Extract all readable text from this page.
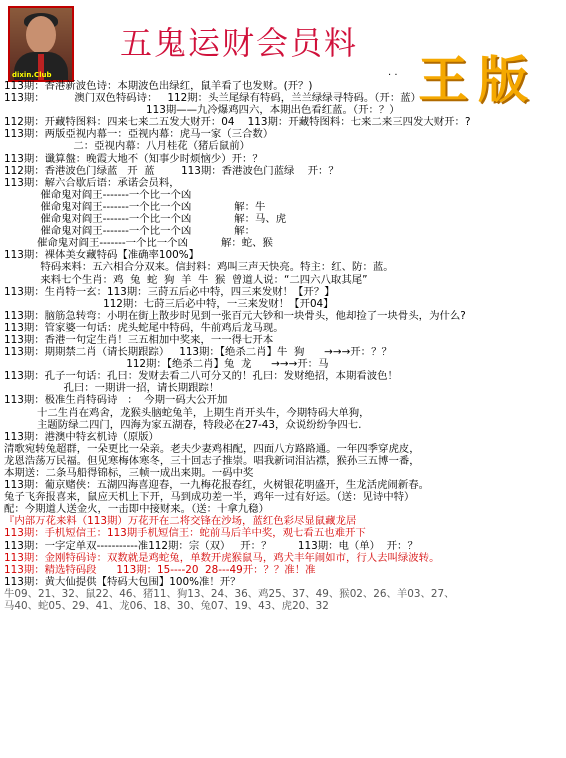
dixin.Club
五鬼运财会员料
王版
· ·
113期：香港新波色诗：本期波色出绿红，鼠羊看了也发财。(开？)
113期：         澳门双色特码诗：   112期：头兰尾绿有特码，兰兰绿绿寻特码。（开：蓝）
113期——九冷爆鸡四六，本期出色看红蓝。（开：？）
112期：开藏特图料：四来七来二五发大财开：04    113期：开藏特图料：七来二来三四发大财开：?
113期：两版亞视内幕一：亞视内幕：虎马一家（三合数）
二：亞视内幕：八月桂花（猪后鼠前）
113期：谶算盤：晚霞大地不（知事少时烦恼少）开：？
112期：香港波色门绿蓝   开  蓝        113期：香港波色门蓝绿    开：？
113期：解六合歇后语：承诺会员料，
催命鬼对阎王-------一个比一个凶
催命鬼对阎王-------一个比一个凶             解：牛
催命鬼对阎王-------一个比一个凶             解：马、虎
催命鬼对阎王-------一个比一个凶             解：
催命鬼对阎王-------一个比一个凶          解：蛇、猴
113期：裸体美女藏特码【准确率100%】
特码来料：五六相合分双来。信封料：鸡叫三声天快亮。特主：红、防：蓝。
来料七个生肖：鸡  兔  蛇  狗  羊  牛  猴  曾道人说：“二四六八取其尾”
113期：生肖特一玄：113期：三莳五后必中特，四三来发财！【开？】
112期：七莳三后必中特，一三来发财！【开04】
113期：脑筋急转弯：小明在街上散步时见到一张百元大钞和一块骨头，他却捡了一块骨头，为什么?
113期：管家婆一句话：虎头蛇尾中特码，牛前鸡后龙马现。
113期：香港一句定生肖！三五相加中奖来，一一得七开本
113期：期期禁二肖（请长期跟踪）   113期：【绝杀二肖】牛  狗      →→→开：？？
112期：【绝杀二肖】兔  龙      →→→开：马
113期：孔子一句话：孔曰：发财去看二八可分又的！孔曰：发财绝招，本期看波色！
孔曰：一期讲一招，请长期跟踪！
113期：极准生肖特码诗   ：  今期一码大公开加
十二生肖在鸡舍，龙猴头脑蛇兔羊，上期生肖开头牛，今期特码大单狗，
主题防绿二四门，四海为家五湖春，特段必在27-43，众说纷纷争四七.
113期：港澳中特玄机诗（原版）
清歌宛转兔超群，一朵更比一朵亲。老夫少妻鸡相配，四面八方路路通。一年四季穿虎皮，
龙恩浩荡万民福。但见寒梅体寒冬，三十回志子推崇。唱我新词泪沾襟，猴孙三五博一番，
本期送：二条马船得锦标，三帧一成出来期。一码中奖
113期：葡京赌侠：五湖四海喜迎春，一九梅花报春红，火树银花明盛开，生龙活虎闹新春。
兔子飞奔报喜来，鼠应天机上下开，马到成功差一半，鸡年一过有好运。（送：见诗中特）
配：今期道人送金火，一击即中接财来。（送：十拿九稳）
『内部万花来料（113期）万花开在二将交锋在沙场，蓝红色彩尽显鼠藏龙居
113期：手机短信王：113期手机短信王：蛇前马后羊中奖，观七看五也难开下
113期：一字定单双-----------准112期：宗（双）   开：？        113期：电（单）  开：？
113期：金刚特码诗：双数就是鸡蛇兔，单数开虎猴鼠马，鸡犬丰年闹如市，行人去叫绿波转。
113期：精选特码段      113期：15----20  28---49开：？？准！准
113期：黄大仙提供【特码大包围】100%准！开？
牛09、21、32、鼠22、46、猪11、狗13、24、36、鸡25、37、49、猴02、26、羊03、27、
马40、蛇05、29、41、龙06、18、30、兔07、19、43、虎20、32
